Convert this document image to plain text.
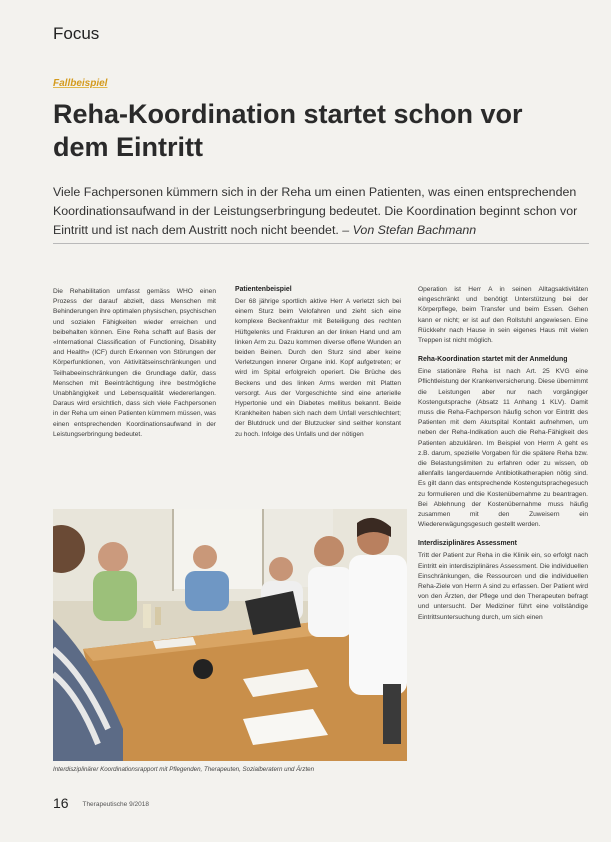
Focus
Fallbeispiel
Reha-Koordination startet schon vor dem Eintritt
Viele Fachpersonen kümmern sich in der Reha um einen Patienten, was einen entsprechenden Koordinationsaufwand in der Leistungserbringung bedeutet. Die Koordination beginnt schon vor Eintritt und ist nach dem Austritt noch nicht beendet. – Von Stefan Bachmann

Die Rehabilitation umfasst gemäss WHO einen Prozess der darauf abzielt, dass Menschen mit Behinderungen ihre optimalen physischen, psychischen und sozialen Fähigkeiten wieder erreichen und beibehalten können. Eine Reha schafft auf Basis der «International Classification of Functioning, Disability and Health» (ICF) durch Erkennen von Störungen der Körperfunktionen, von Aktivitätseinschränkungen und Teilhabeeinschränkungen die Grundlage dafür, dass Menschen mit Beeinträchtigung ihre bestmögliche Unabhängigkeit und Lebensqualität wiedererlangen. Daraus wird ersichtlich, dass sich viele Fachpersonen in der Reha um einen Patienten kümmern müssen, was einen entsprechenden Koordinationsaufwand in der Leistungserbringung bedeutet.

Patientenbeispiel

Der 68 jährige sportlich aktive Herr A verletzt sich bei einem Sturz beim Velofahren und zieht sich eine komplexe Beckenfraktur mit Beteiligung des rechten Hüftgelenks und Frakturen an der linken Hand und am linken Arm zu. Dazu kommen diverse offene Wunden an beiden Beinen. Durch den Sturz sind aber keine Verletzungen innerer Organe inkl. Kopf aufgetreten; er wird im Spital erfolgreich operiert. Die Brüche des Beckens und des linken Arms werden mit Platten versorgt. Aus der Vorgeschichte sind eine arterielle Hypertonie und ein Diabetes mellitus bekannt. Beide Krankheiten haben sich nach dem Unfall verschlechtert; der Blutdruck und der Blutzucker sind seither konstant zu hoch. Infolge des Unfalls und der nötigen

Operation ist Herr A in seinen Alltagsaktivitäten eingeschränkt und benötigt Unterstützung bei der Körperpflege, beim Transfer und beim Essen. Gehen kann er nicht; er ist auf den Rollstuhl angewiesen. Eine Rückkehr nach Hause in sein eigenes Haus mit vielen Treppen ist nicht möglich.

Reha-Koordination startet mit der Anmeldung

Eine stationäre Reha ist nach Art. 25 KVG eine Pflichtleistung der Krankenversicherung. Diese übernimmt die Leistungen aber nur nach vorgängiger Kostengutsprache (Absatz 11 Anhang 1 KLV). Damit muss die Reha-Fachperson häufig schon vor Eintritt des Patienten mit dem Akutspital Kontakt aufnehmen, um neben der Reha-Indikation auch die Reha-Fähigkeit des Patienten abzuklären. Im Beispiel von Herrn A geht es z.B. darum, spezielle Vorgaben für die spätere Reha bzw. die Belastungslimiten zu erfahren oder zu wissen, ob allenfalls langerdauernde Antibiotikatherapien nötig sind. Es gilt dann das entsprechende Kostengutsprachegesuch zu formulieren und die Kostenübernahme zu beantragen. Bei Ablehnung der Kostenübernahme muss häufig zusammen mit den Zuweisern ein Wiedererwägungsgesuch gestellt werden.

Interdisziplinäres Assessment

Tritt der Patient zur Reha in die Klinik ein, so erfolgt nach Eintritt ein interdisziplinäres Assessment. Die individuellen Einschränkungen, die Ressourcen und die individuellen Reha-Ziele von Herrn A sind zu erfassen. Der Patient wird von den Ärzten, der Pflege und den Therapeuten befragt und untersucht. Der Mediziner führt eine vollständige Eintrittsuntersuchung durch, um sich einen

Interdisziplinärer Koordinationsrapport mit Pflegenden, Therapeuten, Sozialberatern und Ärzten
16 Therapeutische 9/2018
